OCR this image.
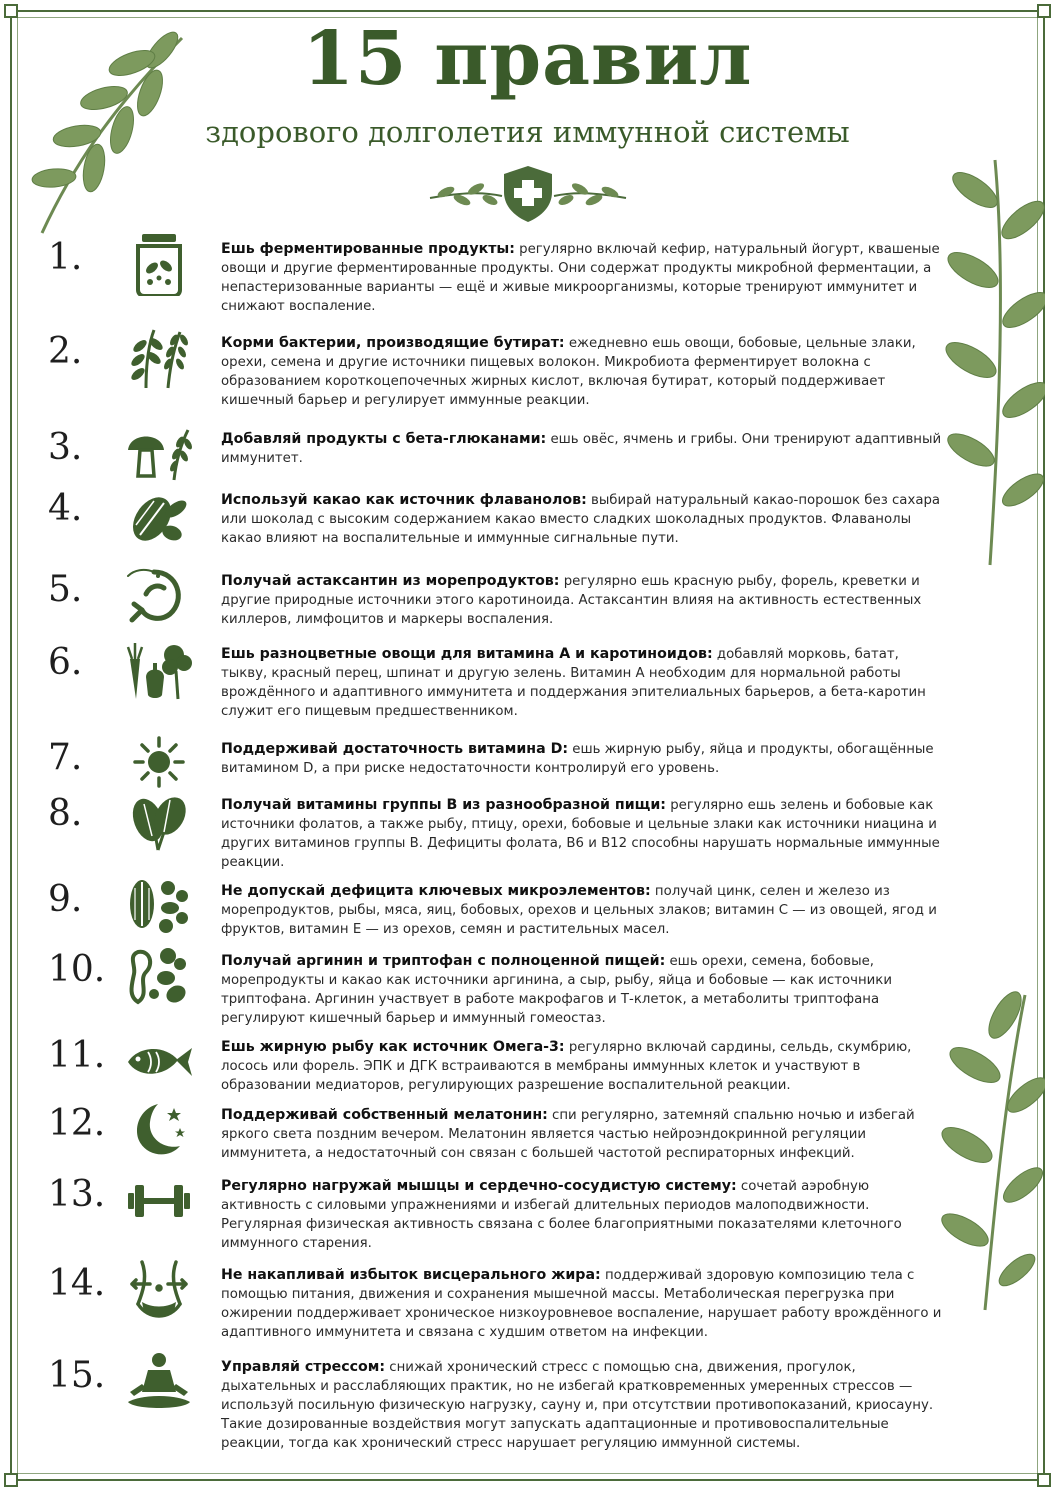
15 правил
здорового долголетия иммунной системы
1.	Ешь ферментированные продукты: регулярно включай кефир, натуральный йогурт, квашеные овощи и другие ферментированные продукты. Они содержат продукты микробной ферментации, а непастеризованные варианты — ещё и живые микроорганизмы, которые тренируют иммунитет и снижают воспаление.
2.	Корми бактерии, производящие бутират: ежедневно ешь овощи, бобовые, цельные злаки, орехи, семена и другие источники пищевых волокон. Микробиота ферментирует волокна с образованием короткоцепочечных жирных кислот, включая бутират, который поддерживает кишечный барьер и регулирует иммунные реакции.
3.	Добавляй продукты с бета-глюканами: ешь овёс, ячмень и грибы. Они тренируют адаптивный иммунитет.
4.	Используй какао как источник флаванолов: выбирай натуральный какао-порошок без сахара или шоколад с высоким содержанием какао вместо сладких шоколадных продуктов. Флаванолы какао влияют на воспалительные и иммунные сигнальные пути.
5.	Получай астаксантин из морепродуктов: регулярно ешь красную рыбу, форель, креветки и другие природные источники этого каротиноида. Астаксантин влияя на активность естественных киллеров, лимфоцитов и маркеры воспаления.
6.	Ешь разноцветные овощи для витамина А и каротиноидов: добавляй морковь, батат, тыкву, красный перец, шпинат и другую зелень. Витамин А необходим для нормальной работы врождённого и адаптивного иммунитета и поддержания эпителиальных барьеров, а бета-каротин служит его пищевым предшественником.
7.	Поддерживай достаточность витамина D: ешь жирную рыбу, яйца и продукты, обогащённые витамином D, а при риске недостаточности контролируй его уровень.
8.	Получай витамины группы B из разнообразной пищи: регулярно ешь зелень и бобовые как источники фолатов, а также рыбу, птицу, орехи, бобовые и цельные злаки как источники ниацина и других витаминов группы B. Дефициты фолата, B6 и B12 способны нарушать нормальные иммунные реакции.
9.	Не допускай дефицита ключевых микроэлементов: получай цинк, селен и железо из морепродуктов, рыбы, мяса, яиц, бобовых, орехов и цельных злаков; витамин С — из овощей, ягод и фруктов, витамин Е — из орехов, семян и растительных масел.
10.	Получай аргинин и триптофан с полноценной пищей: ешь орехи, семена, бобовые, морепродукты и какао как источники аргинина, а сыр, рыбу, яйца и бобовые — как источники триптофана. Аргинин участвует в работе макрофагов и Т-клеток, а метаболиты триптофана регулируют кишечный барьер и иммунный гомеостаз.
11.	Ешь жирную рыбу как источник Омега-3: регулярно включай сардины, сельдь, скумбрию, лосось или форель. ЭПК и ДГК встраиваются в мембраны иммунных клеток и участвуют в образовании медиаторов, регулирующих разрешение воспалительной реакции.
12.	Поддерживай собственный мелатонин: спи регулярно, затемняй спальню ночью и избегай яркого света поздним вечером. Мелатонин является частью нейроэндокринной регуляции иммунитета, а недостаточный сон связан с большей частотой респираторных инфекций.
13.	Регулярно нагружай мышцы и сердечно-сосудистую систему: сочетай аэробную активность с силовыми упражнениями и избегай длительных периодов малоподвижности. Регулярная физическая активность связана с более благоприятными показателями клеточного иммунного старения.
14.	Не накапливай избыток висцерального жира: поддерживай здоровую композицию тела с помощью питания, движения и сохранения мышечной массы. Метаболическая перегрузка при ожирении поддерживает хроническое низкоуровневое воспаление, нарушает работу врождённого и адаптивного иммунитета и связана с худшим ответом на инфекции.
15.	Управляй стрессом: снижай хронический стресс с помощью сна, движения, прогулок, дыхательных и расслабляющих практик, но не избегай кратковременных умеренных стрессов — используй посильную физическую нагрузку, сауну и, при отсутствии противопоказаний, криосауну. Такие дозированные воздействия могут запускать адаптационные и противовоспалительные реакции, тогда как хронический стресс нарушает регуляцию иммунной системы.
